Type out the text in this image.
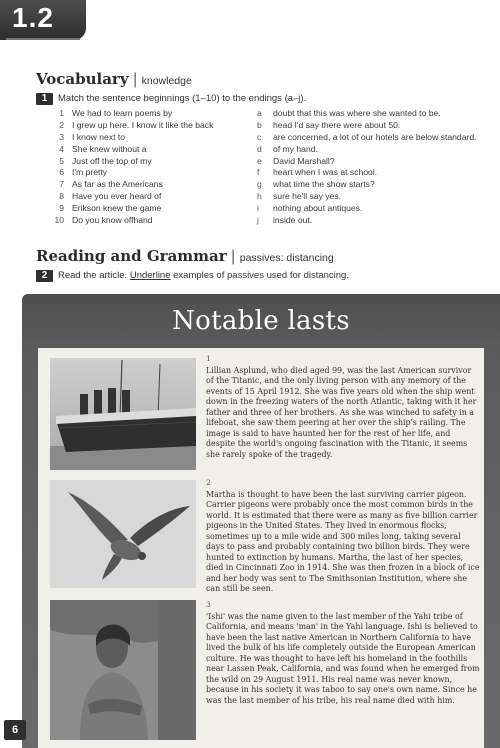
1.2
Vocabulary | knowledge
1	Match the sentence beginnings (1–10) to the endings (a–j).
1 We had to learn poems by
2 I grew up here. I know it like the back
3 I know next to
4 She knew without a
5 Just off the top of my
6 I'm pretty
7 As far as the Americans
8 Have you ever heard of
9 Erikson knew the game
10 Do you know offhand
a	doubt that this was where she wanted to be.
b	head I'd say there were about 50.
c	are concerned, a lot of our hotels are below standard.
d	of my hand.
e	David Marshall?
f	heart when I was at school.
g	what time the show starts?
h	sure he'll say yes.
i	nothing about antiques.
j	inside out.
Reading and Grammar | passives: distancing
2	Read the article. Underline examples of passives used for distancing.
Notable lasts
1
Lillian Asplund, who died aged 99, was the last American survivor of the Titanic, and the only living person with any memory of the events of 15 April 1912. She was five years old when the ship went down in the freezing waters of the north Atlantic, taking with it her father and three of her brothers. As she was winched to safety in a lifeboat, she saw them peering at her over the ship's railing. The image is said to have haunted her for the rest of her life, and despite the world's ongoing fascination with the Titanic, it seems she rarely spoke of the tragedy.
2
Martha is thought to have been the last surviving carrier pigeon. Carrier pigeons were probably once the most common birds in the world. It is estimated that there were as many as five billion carrier pigeons in the United States. They lived in enormous flocks, sometimes up to a mile wide and 300 miles long, taking several days to pass and probably containing two billion birds. They were hunted to extinction by humans. Martha, the last of her species, died in Cincinnati Zoo in 1914. She was then frozen in a block of ice and her body was sent to The Smithsonian Institution, where she can still be seen.
3
'Ishi' was the name given to the last member of the Yahi tribe of California, and means 'man' in the Yahi language. Ishi is believed to have been the last native American in Northern California to have lived the bulk of his life completely outside the European American culture. He was thought to have left his homeland in the foothills near Lassen Peak, California, and was found when he emerged from the wild on 29 August 1911. His real name was never known, because in his society it was taboo to say one's own name. Since he was the last member of his tribe, his real name died with him.
6
